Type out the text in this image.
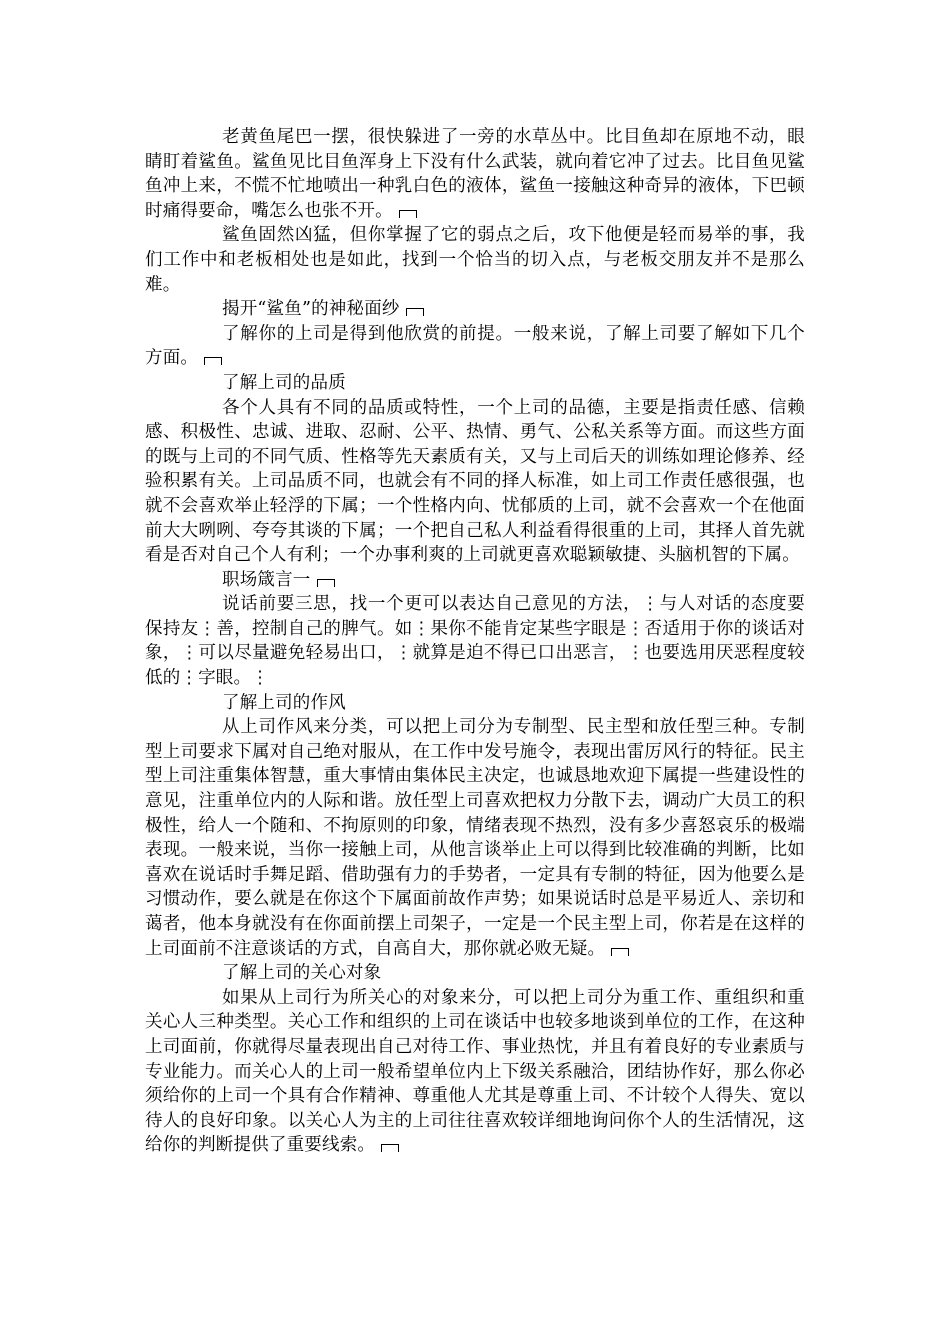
老黄鱼尾巴一摆，很快躲进了一旁的水草丛中。比目鱼却在原地不动，眼睛盯着鲨鱼。鲨鱼见比目鱼浑身上下没有什么武装，就向着它冲了过去。比目鱼见鲨鱼冲上来，不慌不忙地喷出一种乳白色的液体，鲨鱼一接触这种奇异的液体，下巴顿时痛得要命，嘴怎么也张不开。

鲨鱼固然凶猛，但你掌握了它的弱点之后，攻下他便是轻而易举的事，我们工作中和老板相处也是如此，找到一个恰当的切入点，与老板交朋友并不是那么难。

揭开“鲨鱼”的神秘面纱

了解你的上司是得到他欣赏的前提。一般来说，了解上司要了解如下几个方面。

了解上司的品质

各个人具有不同的品质或特性，一个上司的品德，主要是指责任感、信赖感、积极性、忠诚、进取、忍耐、公平、热情、勇气、公私关系等方面。而这些方面的既与上司的不同气质、性格等先天素质有关，又与上司后天的训练如理论修养、经验积累有关。上司品质不同，也就会有不同的择人标准，如上司工作责任感很强，也就不会喜欢举止轻浮的下属；一个性格内向、忧郁质的上司，就不会喜欢一个在他面前大大咧咧、夸夸其谈的下属；一个把自己私人利益看得很重的上司，其择人首先就看是否对自己个人有利；一个办事利爽的上司就更喜欢聪颖敏捷、头脑机智的下属。

职场箴言一

说话前要三思，找一个更可以表达自己意见的方法，⋮与人对话的态度要保持友⋮善，控制自己的脾气。如⋮果你不能肯定某些字眼是⋮否适用于你的谈话对象，⋮可以尽量避免轻易出口，⋮就算是迫不得已口出恶言，⋮也要选用厌恶程度较低的⋮字眼。⋮

了解上司的作风

从上司作风来分类，可以把上司分为专制型、民主型和放任型三种。专制型上司要求下属对自己绝对服从，在工作中发号施令，表现出雷厉风行的特征。民主型上司注重集体智慧，重大事情由集体民主决定，也诚恳地欢迎下属提一些建设性的意见，注重单位内的人际和谐。放任型上司喜欢把权力分散下去，调动广大员工的积极性，给人一个随和、不拘原则的印象，情绪表现不热烈，没有多少喜怒哀乐的极端表现。一般来说，当你一接触上司，从他言谈举止上可以得到比较准确的判断，比如喜欢在说话时手舞足蹈、借助强有力的手势者，一定具有专制的特征，因为他要么是习惯动作，要么就是在你这个下属面前故作声势；如果说话时总是平易近人、亲切和蔼者，他本身就没有在你面前摆上司架子，一定是一个民主型上司，你若是在这样的上司面前不注意谈话的方式，自高自大，那你就必败无疑。

了解上司的关心对象

如果从上司行为所关心的对象来分，可以把上司分为重工作、重组织和重关心人三种类型。关心工作和组织的上司在谈话中也较多地谈到单位的工作，在这种上司面前，你就得尽量表现出自己对待工作、事业热忱，并且有着良好的专业素质与专业能力。而关心人的上司一般希望单位内上下级关系融洽，团结协作好，那么你必须给你的上司一个具有合作精神、尊重他人尤其是尊重上司、不计较个人得失、宽以待人的良好印象。以关心人为主的上司往往喜欢较详细地询问你个人的生活情况，这给你的判断提供了重要线索。
